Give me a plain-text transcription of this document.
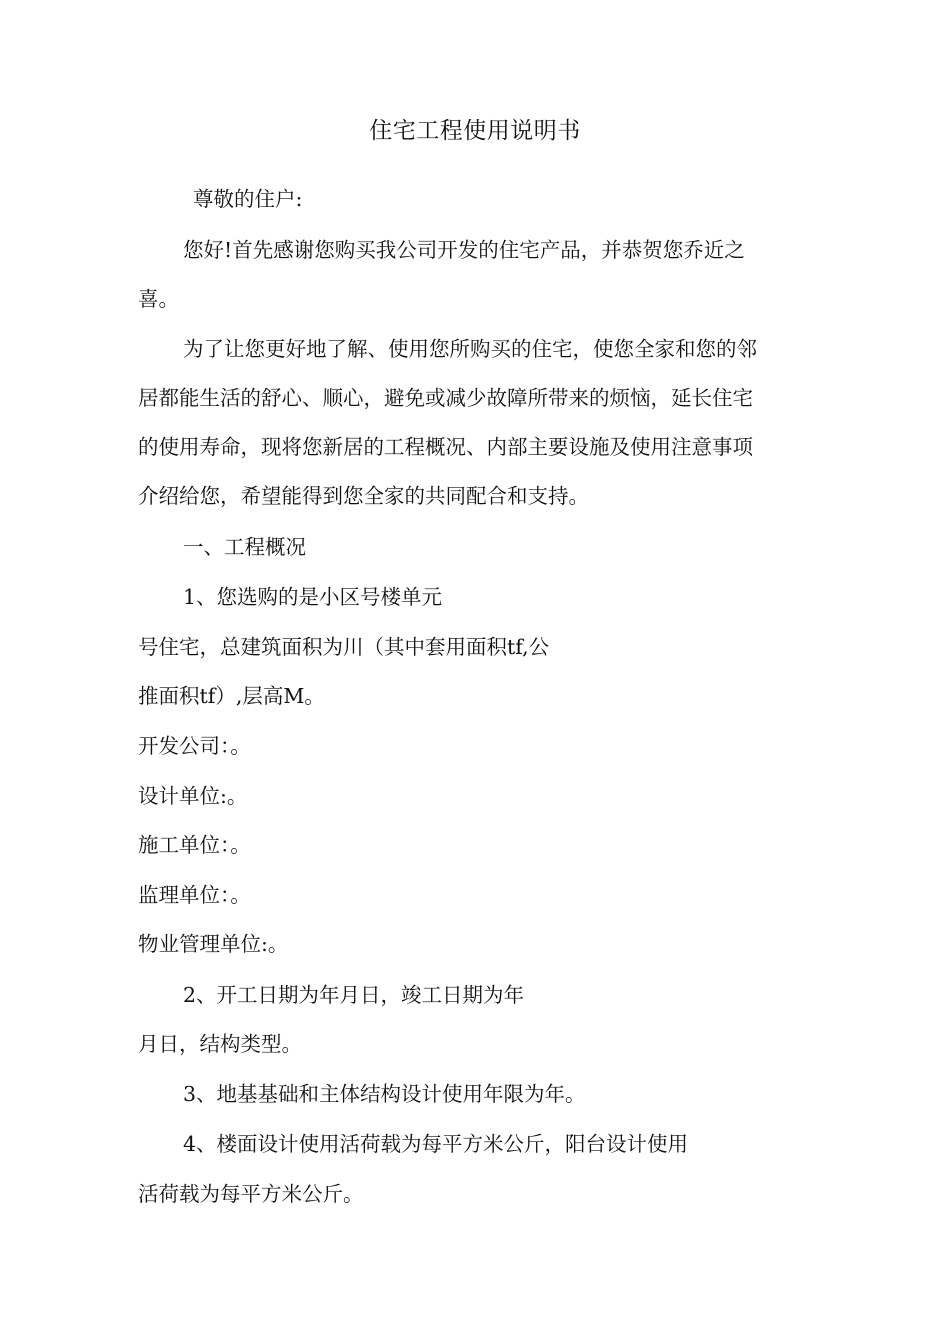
住宅工程使用说明书
尊敬的住户:
您好!首先感谢您购买我公司开发的住宅产品，并恭贺您乔近之
喜。
为了让您更好地了解、使用您所购买的住宅，使您全家和您的邻
居都能生活的舒心、顺心，避免或减少故障所带来的烦恼，延长住宅
的使用寿命，现将您新居的工程概况、内部主要设施及使用注意事项
介绍给您，希望能得到您全家的共同配合和支持。
一、工程概况
1、您选购的是小区号楼单元
号住宅，总建筑面积为川（其中套用面积tf,公
推面积tf）,层高M。
开发公司：。
设计单位:。
施工单位：。
监理单位：。
物业管理单位:。
2、开工日期为年月日，竣工日期为年
月日，结构类型。
3、地基基础和主体结构设计使用年限为年。
4、楼面设计使用活荷载为每平方米公斤，阳台设计使用
活荷载为每平方米公斤。
